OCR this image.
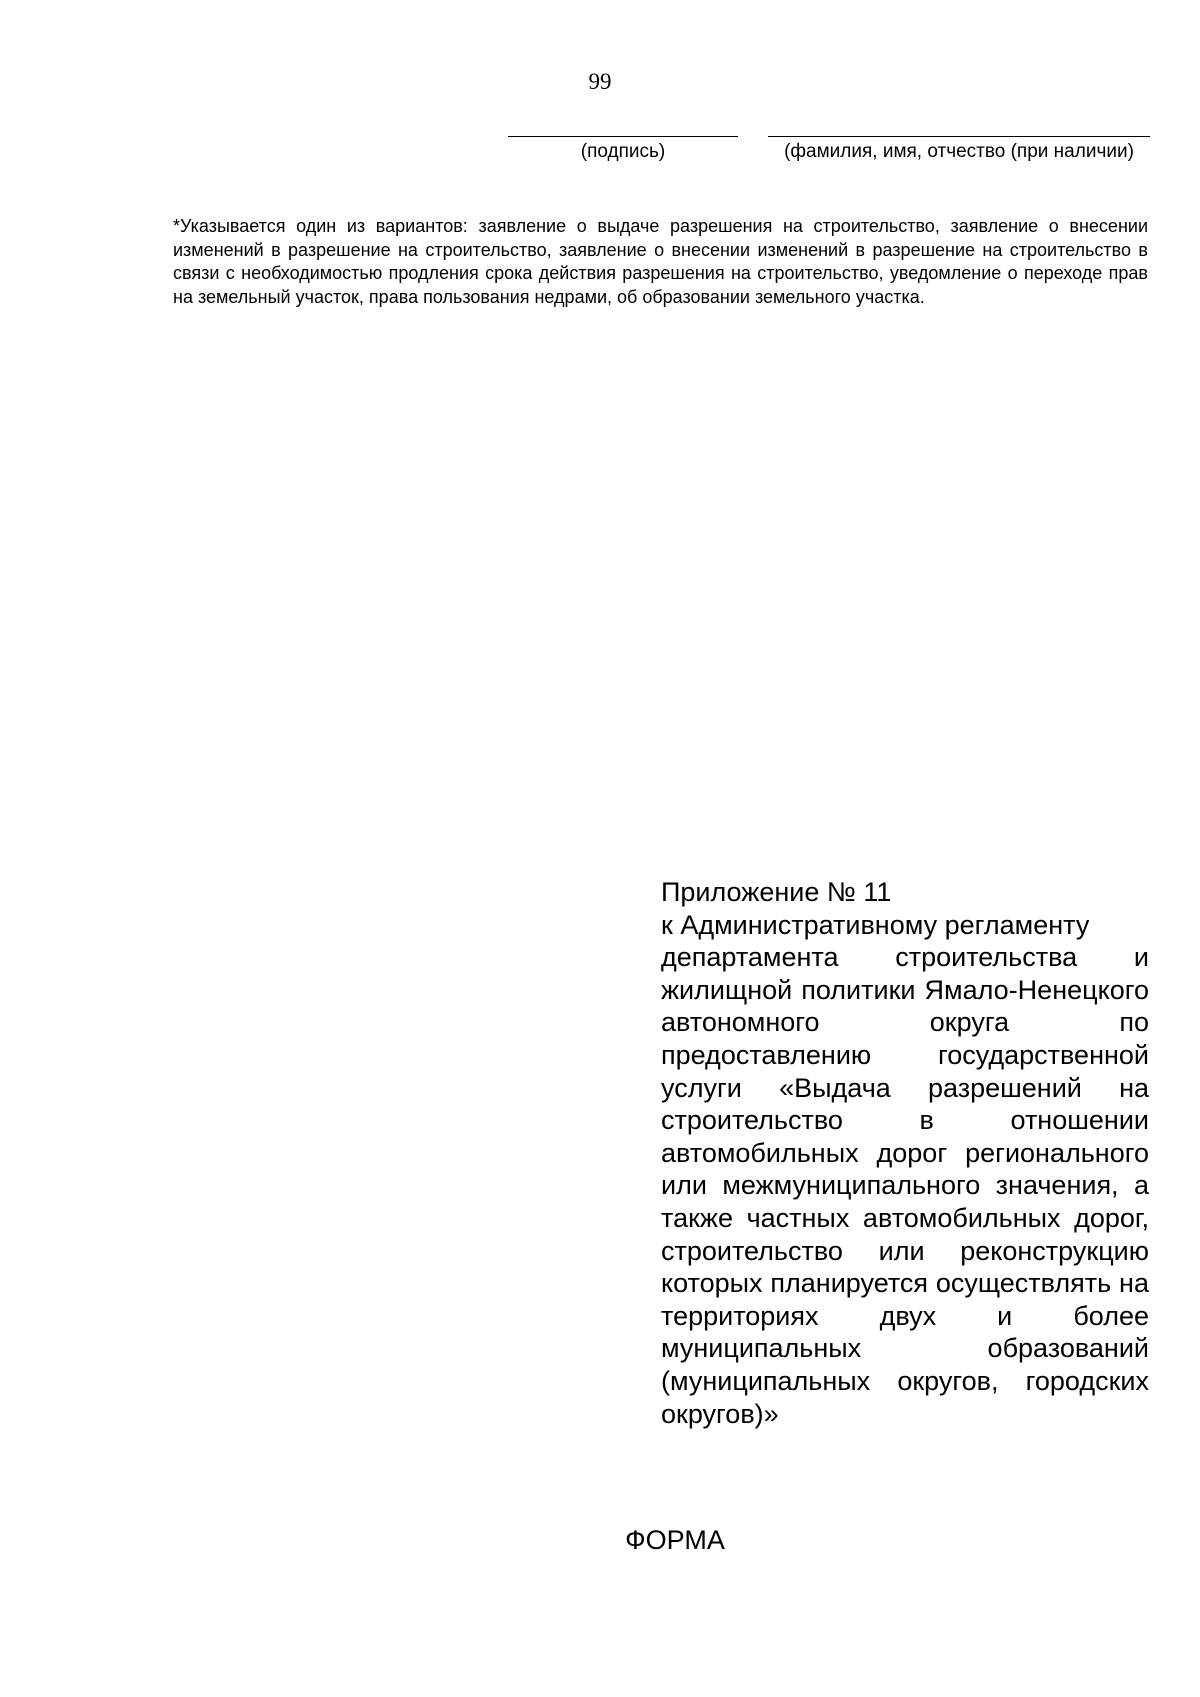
99
(подпись)	(фамилия, имя, отчество (при наличии)
*Указывается один из вариантов: заявление о выдаче разрешения на строительство, заявление о внесении изменений в разрешение на строительство, заявление о внесении изменений в разрешение на строительство в связи с необходимостью продления срока действия разрешения на строительство, уведомление о переходе прав на земельный участок, права пользования недрами, об образовании земельного участка.

Приложение № 11

к Административному регламенту

департамента строительства и жилищной политики Ямало-Ненецкого автономного округа по предоставлению государственной услуги «Выдача разрешений на строительство в отношении автомобильных дорог регионального или межмуниципального значения, а также частных автомобильных дорог, строительство или реконструкцию которых планируется осуществлять на территориях двух и более муниципальных образований (муниципальных округов, городских округов)»

ФОРМА
